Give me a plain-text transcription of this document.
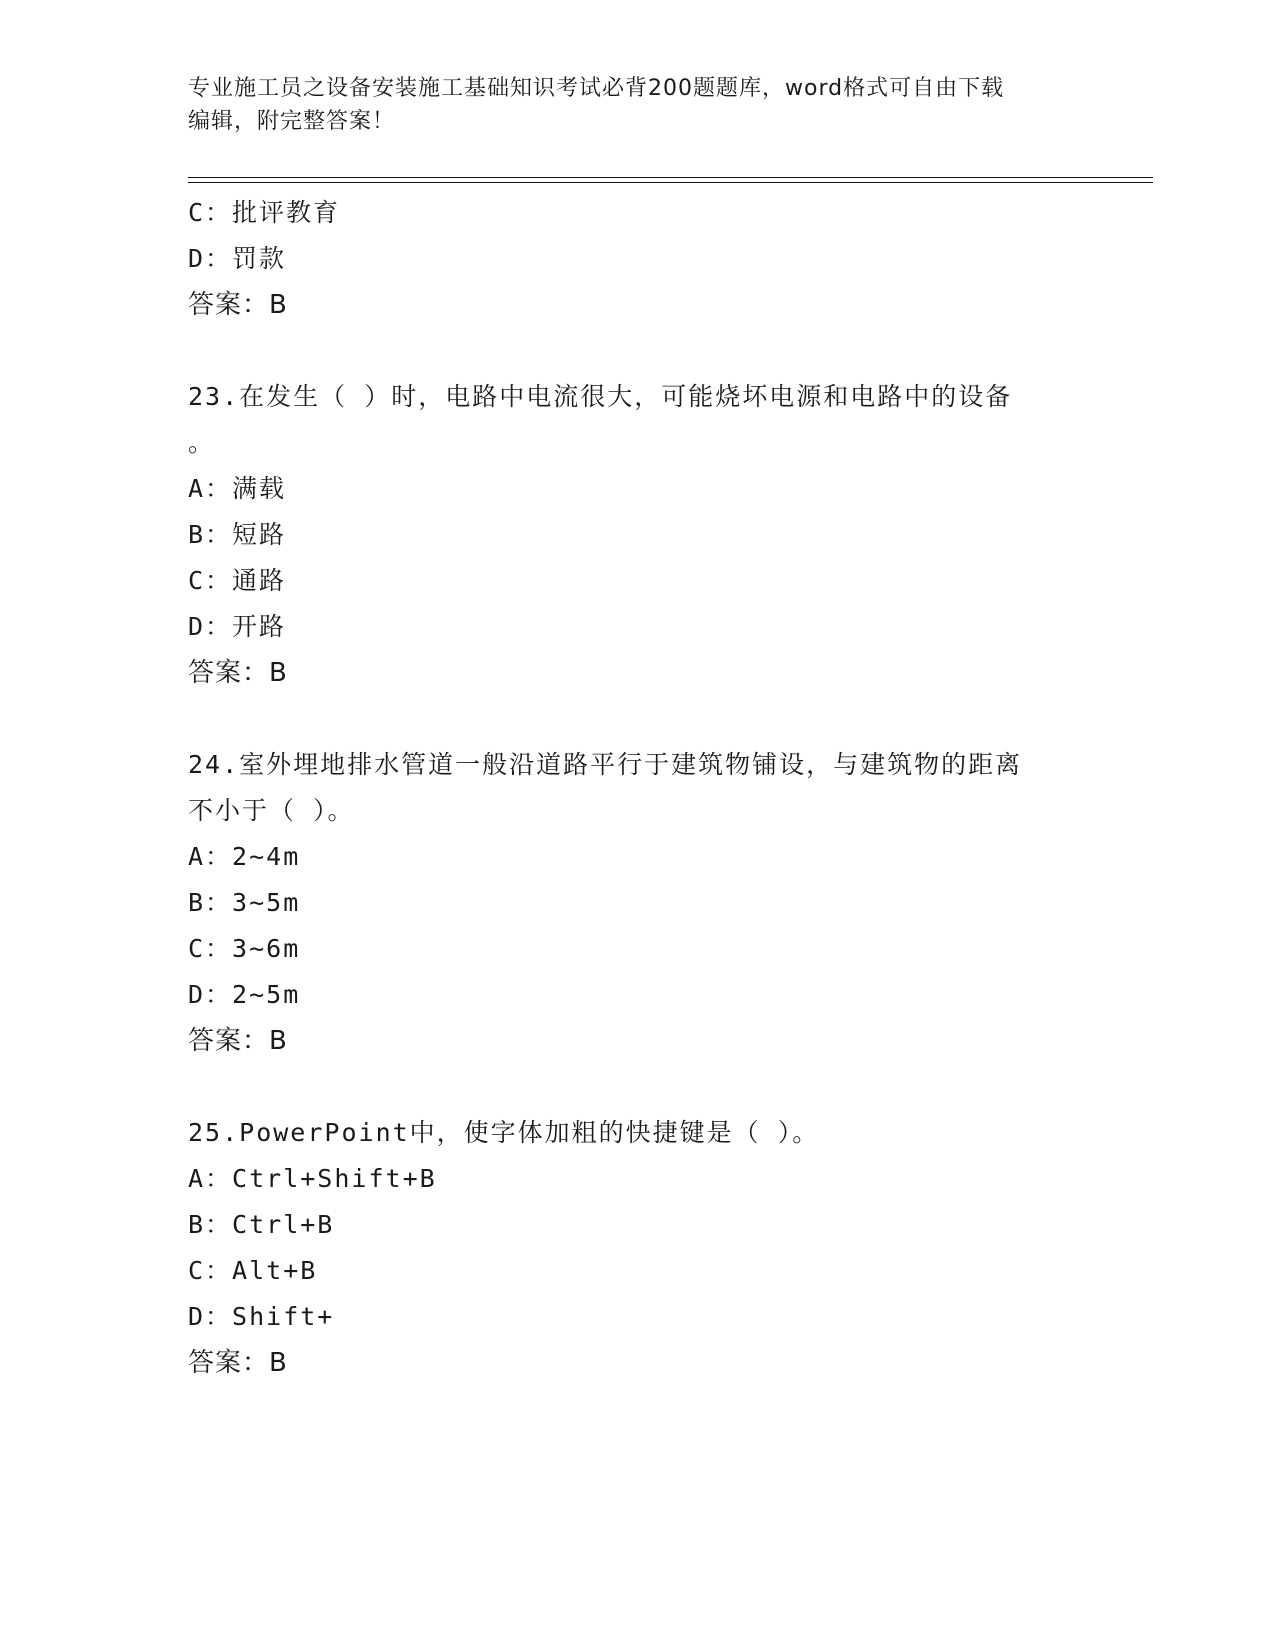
专业施工员之设备安装施工基础知识考试必背200题题库，word格式可自由下载
编辑，附完整答案！
C：批评教育
D：罚款
答案：B
23.在发生（ ）时，电路中电流很大，可能烧坏电源和电路中的设备
。
A：满载
B：短路
C：通路
D：开路
答案：B
24.室外埋地排水管道一般沿道路平行于建筑物铺设，与建筑物的距离
不小于（ ）。
A：2~4m
B：3~5m
C：3~6m
D：2~5m
答案：B
25.PowerPoint中，使字体加粗的快捷键是（ ）。
A：Ctrl+Shift+B
B：Ctrl+B
C：Alt+B
D：Shift+
答案：B
